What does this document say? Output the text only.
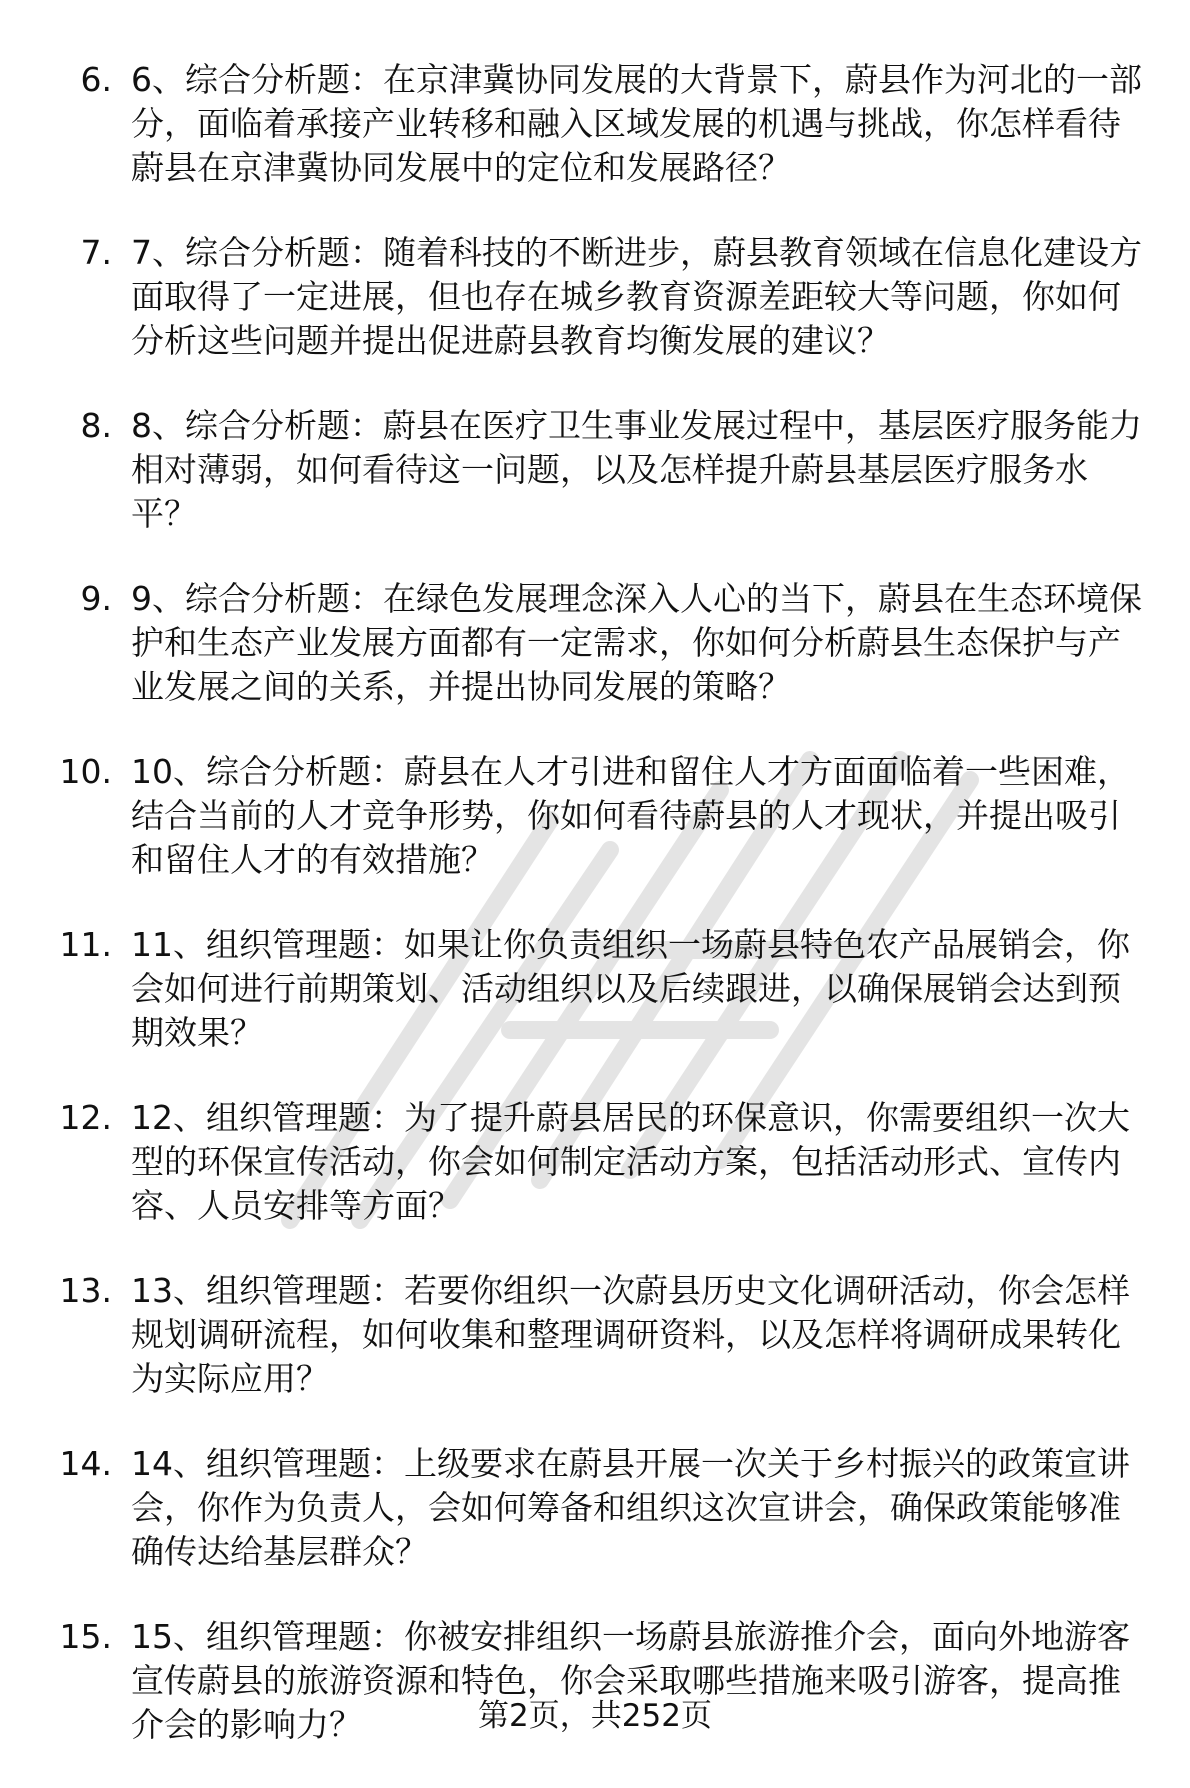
6. 6、综合分析题：在京津冀协同发展的大背景下，蔚县作为河北的一部分，面临着承接产业转移和融入区域发展的机遇与挑战，你怎样看待蔚县在京津冀协同发展中的定位和发展路径？
7. 7、综合分析题：随着科技的不断进步，蔚县教育领域在信息化建设方面取得了一定进展，但也存在城乡教育资源差距较大等问题，你如何分析这些问题并提出促进蔚县教育均衡发展的建议？
8. 8、综合分析题：蔚县在医疗卫生事业发展过程中，基层医疗服务能力相对薄弱，如何看待这一问题，以及怎样提升蔚县基层医疗服务水平？
9. 9、综合分析题：在绿色发展理念深入人心的当下，蔚县在生态环境保护和生态产业发展方面都有一定需求，你如何分析蔚县生态保护与产业发展之间的关系，并提出协同发展的策略？
10. 10、综合分析题：蔚县在人才引进和留住人才方面面临着一些困难，结合当前的人才竞争形势，你如何看待蔚县的人才现状，并提出吸引和留住人才的有效措施？
11. 11、组织管理题：如果让你负责组织一场蔚县特色农产品展销会，你会如何进行前期策划、活动组织以及后续跟进，以确保展销会达到预期效果？
12. 12、组织管理题：为了提升蔚县居民的环保意识，你需要组织一次大型的环保宣传活动，你会如何制定活动方案，包括活动形式、宣传内容、人员安排等方面？
13. 13、组织管理题：若要你组织一次蔚县历史文化调研活动，你会怎样规划调研流程，如何收集和整理调研资料，以及怎样将调研成果转化为实际应用？
14. 14、组织管理题：上级要求在蔚县开展一次关于乡村振兴的政策宣讲会，你作为负责人，会如何筹备和组织这次宣讲会，确保政策能够准确传达给基层群众？
15. 15、组织管理题：你被安排组织一场蔚县旅游推介会，面向外地游客宣传蔚县的旅游资源和特色，你会采取哪些措施来吸引游客，提高推介会的影响力？	第2页，共252页
